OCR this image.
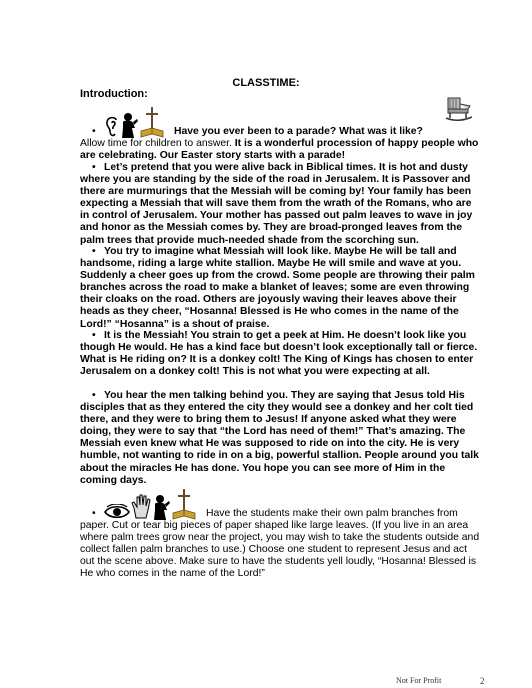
CLASSTIME:
Introduction:
•	Have you ever been to a parade? What was it like?
Allow time for children to answer. It is a wonderful procession of happy people who are celebrating. Our Easter story starts with a parade!
• Let’s pretend that you were alive back in Biblical times. It is hot and dusty where you are standing by the side of the road in Jerusalem. It is Passover and there are murmurings that the Messiah will be coming by! Your family has been expecting a Messiah that will save them from the wrath of the Romans, who are in control of Jerusalem. Your mother has passed out palm leaves to wave in joy and honor as the Messiah comes by. They are broad-pronged leaves from the palm trees that provide much-needed shade from the scorching sun.
• You try to imagine what Messiah will look like. Maybe He will be tall and handsome, riding a large white stallion. Maybe He will smile and wave at you. Suddenly a cheer goes up from the crowd. Some people are throwing their palm branches across the road to make a blanket of leaves; some are even throwing their cloaks on the road. Others are joyously waving their leaves above their heads as they cheer, “Hosanna! Blessed is He who comes in the name of the Lord!” “Hosanna” is a shout of praise.
• It is the Messiah! You strain to get a peek at Him. He doesn’t look like you though He would. He has a kind face but doesn’t look exceptionally tall or fierce. What is He riding on? It is a donkey colt! The King of Kings has chosen to enter Jerusalem on a donkey colt! This is not what you were expecting at all.
• You hear the men talking behind you. They are saying that Jesus told His disciples that as they entered the city they would see a donkey and her colt tied there, and they were to bring them to Jesus! If anyone asked what they were doing, they were to say that “the Lord has need of them!” That’s amazing. The Messiah even knew what He was supposed to ride on into the city. He is very humble, not wanting to ride in on a big, powerful stallion. People around you talk about the miracles He has done. You hope you can see more of Him in the coming days.
•	Have the students make their own palm branches from
paper. Cut or tear big pieces of paper shaped like large leaves. (If you live in an area where palm trees grow near the project, you may wish to take the students outside and collect fallen palm branches to use.) Choose one student to represent Jesus and act out the scene above. Make sure to have the students yell loudly, “Hosanna! Blessed is He who comes in the name of the Lord!”
Not For Profit	2
